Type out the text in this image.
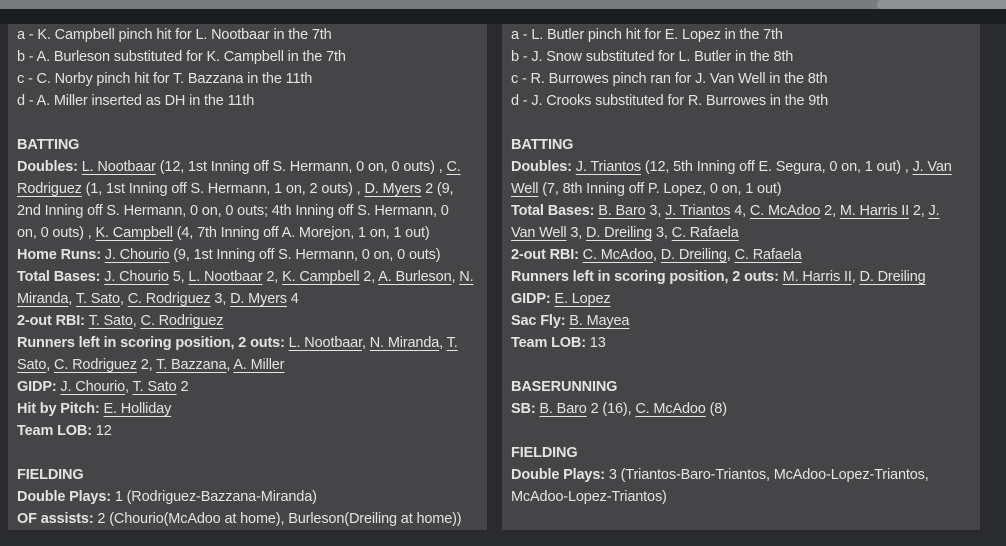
a - K. Campbell pinch hit for L. Nootbaar in the 7th
b - A. Burleson substituted for K. Campbell in the 7th
c - C. Norby pinch hit for T. Bazzana in the 11th
d - A. Miller inserted as DH in the 11th
BATTING
Doubles: L. Nootbaar (12, 1st Inning off S. Hermann, 0 on, 0 outs) , C.
Rodriguez (1, 1st Inning off S. Hermann, 1 on, 2 outs) , D. Myers 2 (9,
2nd Inning off S. Hermann, 0 on, 0 outs; 4th Inning off S. Hermann, 0
on, 0 outs) , K. Campbell (4, 7th Inning off A. Morejon, 1 on, 1 out)
Home Runs: J. Chourio (9, 1st Inning off S. Hermann, 0 on, 0 outs)
Total Bases: J. Chourio 5, L. Nootbaar 2, K. Campbell 2, A. Burleson, N.
Miranda, T. Sato, C. Rodriguez 3, D. Myers 4
2-out RBI: T. Sato, C. Rodriguez
Runners left in scoring position, 2 outs: L. Nootbaar, N. Miranda, T.
Sato, C. Rodriguez 2, T. Bazzana, A. Miller
GIDP: J. Chourio, T. Sato 2
Hit by Pitch: E. Holliday
Team LOB: 12
FIELDING
Double Plays: 1 (Rodriguez-Bazzana-Miranda)
OF assists: 2 (Chourio(McAdoo at home), Burleson(Dreiling at home))
a - L. Butler pinch hit for E. Lopez in the 7th
b - J. Snow substituted for L. Butler in the 8th
c - R. Burrowes pinch ran for J. Van Well in the 8th
d - J. Crooks substituted for R. Burrowes in the 9th
BATTING
Doubles: J. Triantos (12, 5th Inning off E. Segura, 0 on, 1 out) , J. Van
Well (7, 8th Inning off P. Lopez, 0 on, 1 out)
Total Bases: B. Baro 3, J. Triantos 4, C. McAdoo 2, M. Harris II 2, J.
Van Well 3, D. Dreiling 3, C. Rafaela
2-out RBI: C. McAdoo, D. Dreiling, C. Rafaela
Runners left in scoring position, 2 outs: M. Harris II, D. Dreiling
GIDP: E. Lopez
Sac Fly: B. Mayea
Team LOB: 13
BASERUNNING
SB: B. Baro 2 (16), C. McAdoo (8)
FIELDING
Double Plays: 3 (Triantos-Baro-Triantos, McAdoo-Lopez-Triantos,
McAdoo-Lopez-Triantos)
